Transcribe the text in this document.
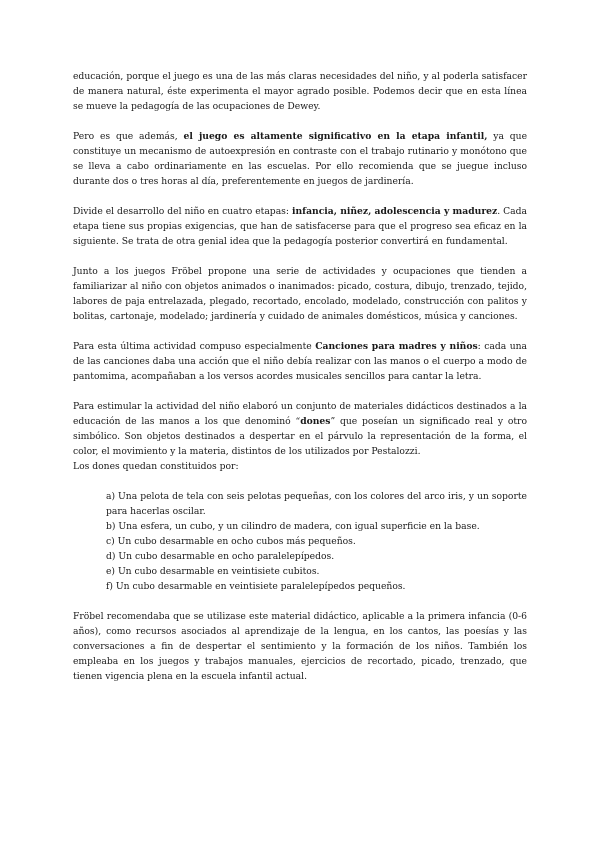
educación, porque el juego es una de las más claras necesidades del niño, y al poderla satisfacer de manera natural, éste experimenta el mayor agrado posible. Podemos decir que en esta línea se mueve la pedagogía de las ocupaciones de Dewey.

Pero es que además, el juego es altamente significativo en la etapa infantil, ya que constituye un mecanismo de autoexpresión en contraste con el trabajo rutinario y monótono que se lleva a cabo ordinariamente en las escuelas. Por ello recomienda que se juegue incluso durante dos o tres horas al día, preferentemente en juegos de jardinería.

Divide el desarrollo del niño en cuatro etapas: infancia, niñez, adolescencia y madurez. Cada etapa tiene sus propias exigencias, que han de satisfacerse para que el progreso sea eficaz en la siguiente. Se trata de otra genial idea que la pedagogía posterior convertirá en fundamental.

Junto a los juegos Fröbel propone una serie de actividades y ocupaciones que tienden a familiarizar al niño con objetos animados o inanimados: picado, costura, dibujo, trenzado, tejido, labores de paja entrelazada, plegado, recortado, encolado, modelado, construcción con palitos y bolitas, cartonaje, modelado; jardinería y cuidado de animales domésticos, música y canciones.

Para esta última actividad compuso especialmente Canciones para madres y niños: cada una de las canciones daba una acción que el niño debía realizar con las manos o el cuerpo a modo de pantomima, acompañaban a los versos acordes musicales sencillos para cantar la letra.

Para estimular la actividad del niño elaboró un conjunto de materiales didácticos destinados a la educación de las manos a los que denominó “dones” que poseían un significado real y otro simbólico. Son objetos destinados a despertar en el párvulo la representación de la forma, el color, el movimiento y la materia, distintos de los utilizados por Pestalozzi.

Los dones quedan constituidos por:

a) Una pelota de tela con seis pelotas pequeñas, con los colores del arco iris, y un soporte para hacerlas oscilar.
b) Una esfera, un cubo, y un cilindro de madera, con igual superficie en la base.
c) Un cubo desarmable en ocho cubos más pequeños.
d) Un cubo desarmable en ocho paralelepípedos.
e) Un cubo desarmable en veintisiete cubitos.
f) Un cubo desarmable en veintisiete paralelepípedos pequeños.

Fröbel recomendaba que se utilizase este material didáctico, aplicable a la primera infancia (0-6 años), como recursos asociados al aprendizaje de la lengua, en los cantos, las poesías y las conversaciones a fin de despertar el sentimiento y la formación de los niños. También los empleaba en los juegos y trabajos manuales, ejercicios de recortado, picado, trenzado, que tienen vigencia plena en la escuela infantil actual.
